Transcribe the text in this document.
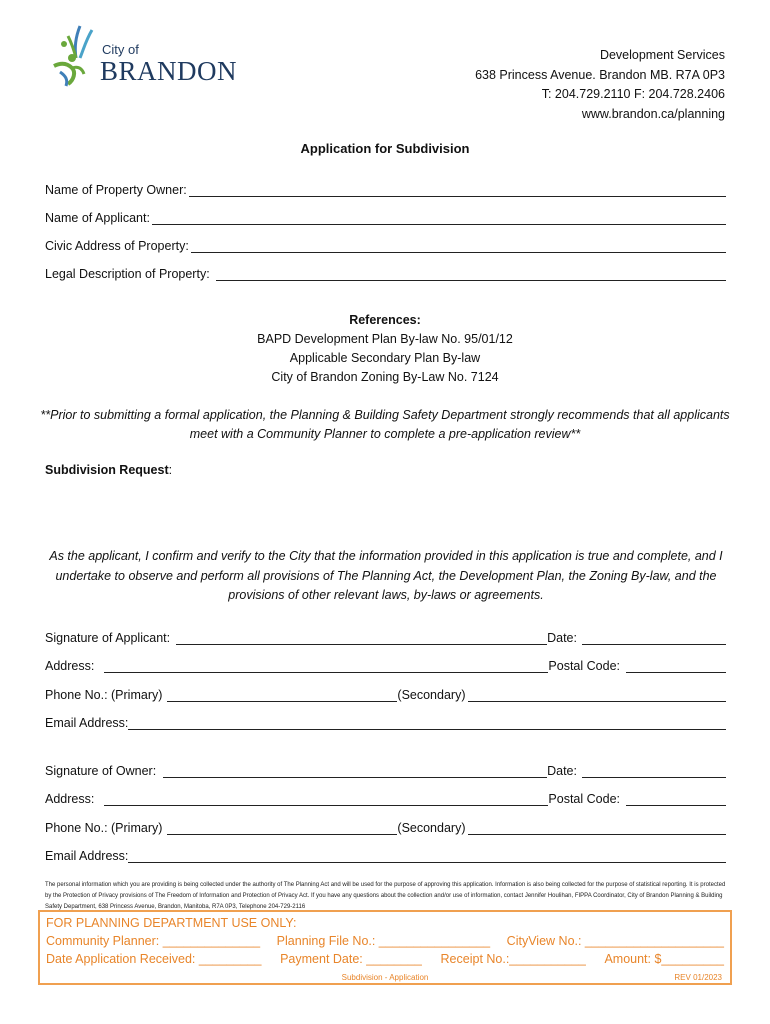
City of
BRANDON
Development Services
638 Princess Avenue. Brandon MB. R7A 0P3
T: 204.729.2110 F: 204.728.2406
www.brandon.ca/planning
Application for Subdivision
Name of Property Owner:
Name of Applicant:
Civic Address of Property:
Legal Description of Property:
References:
BAPD Development Plan By-law No. 95/01/12
Applicable Secondary Plan By-law
City of Brandon Zoning By-Law No. 7124
**Prior to submitting a formal application, the Planning & Building Safety Department strongly recommends that all applicants meet with a Community Planner to complete a pre-application review**
Subdivision Request:
As the applicant, I confirm and verify to the City that the information provided in this application is true and complete, and I undertake to observe and perform all provisions of The Planning Act, the Development Plan, the Zoning By-law, and the provisions of other relevant laws, by-laws or agreements.
Signature of Applicant:	Date:
Address:	Postal Code:
Phone No.: (Primary)	(Secondary)
Email Address:
Signature of Owner:	Date:
Address:	Postal Code:
Phone No.: (Primary)	(Secondary)
Email Address:
The personal information which you are providing is being collected under the authority of The Planning Act and will be used for the purpose of approving this application. Information is also being collected for the purpose of statistical reporting. It is protected by the Protection of Privacy provisions of The Freedom of Information and Protection of Privacy Act. If you have any questions about the collection and/or use of information, contact Jennifer Houlihan, FIPPA Coordinator, City of Brandon Planning & Building Safety Department, 638 Princess Avenue, Brandon, Manitoba, R7A 0P3, Telephone 204-729-2116
FOR PLANNING DEPARTMENT USE ONLY:
Community Planner: ______________ Planning File No.: ________________ CityView No.: ____________________
Date Application Received: _________ Payment Date: ________ Receipt No.:___________ Amount: $_________
Subdivision - Application	REV 01/2023
